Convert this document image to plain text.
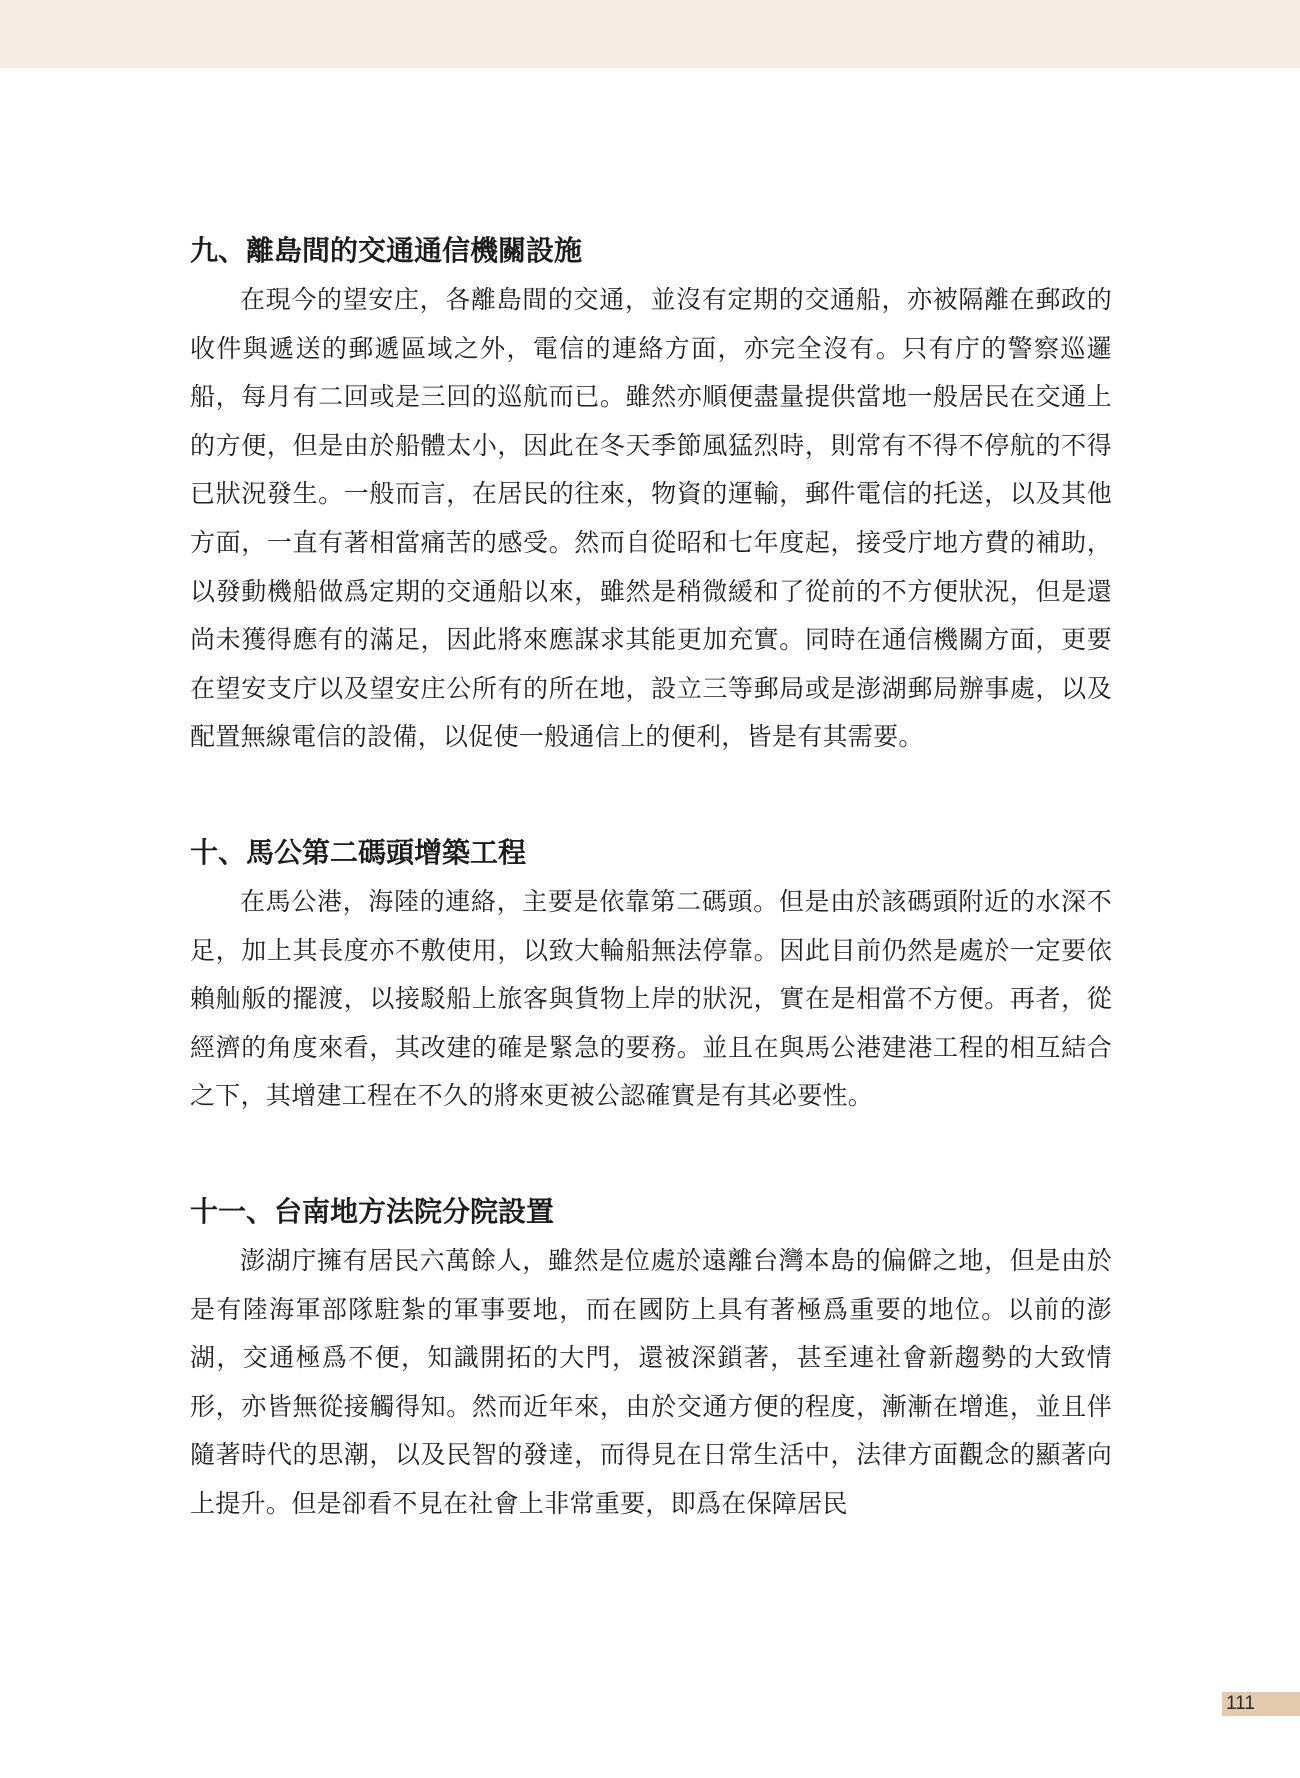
九、離島間的交通通信機關設施

在現今的望安庄，各離島間的交通，並沒有定期的交通船，亦被隔離在郵政的收件與遞送的郵遞區域之外，電信的連絡方面，亦完全沒有。只有庁的警察巡邏船，每月有二回或是三回的巡航而已。雖然亦順便盡量提供當地一般居民在交通上的方便，但是由於船體太小，因此在冬天季節風猛烈時，則常有不得不停航的不得已狀況發生。一般而言，在居民的往來，物資的運輸，郵件電信的托送，以及其他方面，一直有著相當痛苦的感受。然而自從昭和七年度起，接受庁地方費的補助，以發動機船做爲定期的交通船以來，雖然是稍微緩和了從前的不方便狀況，但是還尚未獲得應有的滿足，因此將來應謀求其能更加充實。同時在通信機關方面，更要在望安支庁以及望安庄公所有的所在地，設立三等郵局或是澎湖郵局辦事處，以及配置無線電信的設備，以促使一般通信上的便利，皆是有其需要。

十、馬公第二碼頭增築工程

在馬公港，海陸的連絡，主要是依靠第二碼頭。但是由於該碼頭附近的水深不足，加上其長度亦不敷使用，以致大輪船無法停靠。因此目前仍然是處於一定要依賴舢舨的擺渡，以接駁船上旅客與貨物上岸的狀況，實在是相當不方便。再者，從經濟的角度來看，其改建的確是緊急的要務。並且在與馬公港建港工程的相互結合之下，其增建工程在不久的將來更被公認確實是有其必要性。

十一、台南地方法院分院設置

澎湖庁擁有居民六萬餘人，雖然是位處於遠離台灣本島的偏僻之地，但是由於是有陸海軍部隊駐紮的軍事要地，而在國防上具有著極爲重要的地位。以前的澎湖，交通極爲不便，知識開拓的大門，還被深鎖著，甚至連社會新趨勢的大致情形，亦皆無從接觸得知。然而近年來，由於交通方便的程度，漸漸在增進，並且伴隨著時代的思潮，以及民智的發達，而得見在日常生活中，法律方面觀念的顯著向上提升。但是卻看不見在社會上非常重要，即爲在保障居民

111
